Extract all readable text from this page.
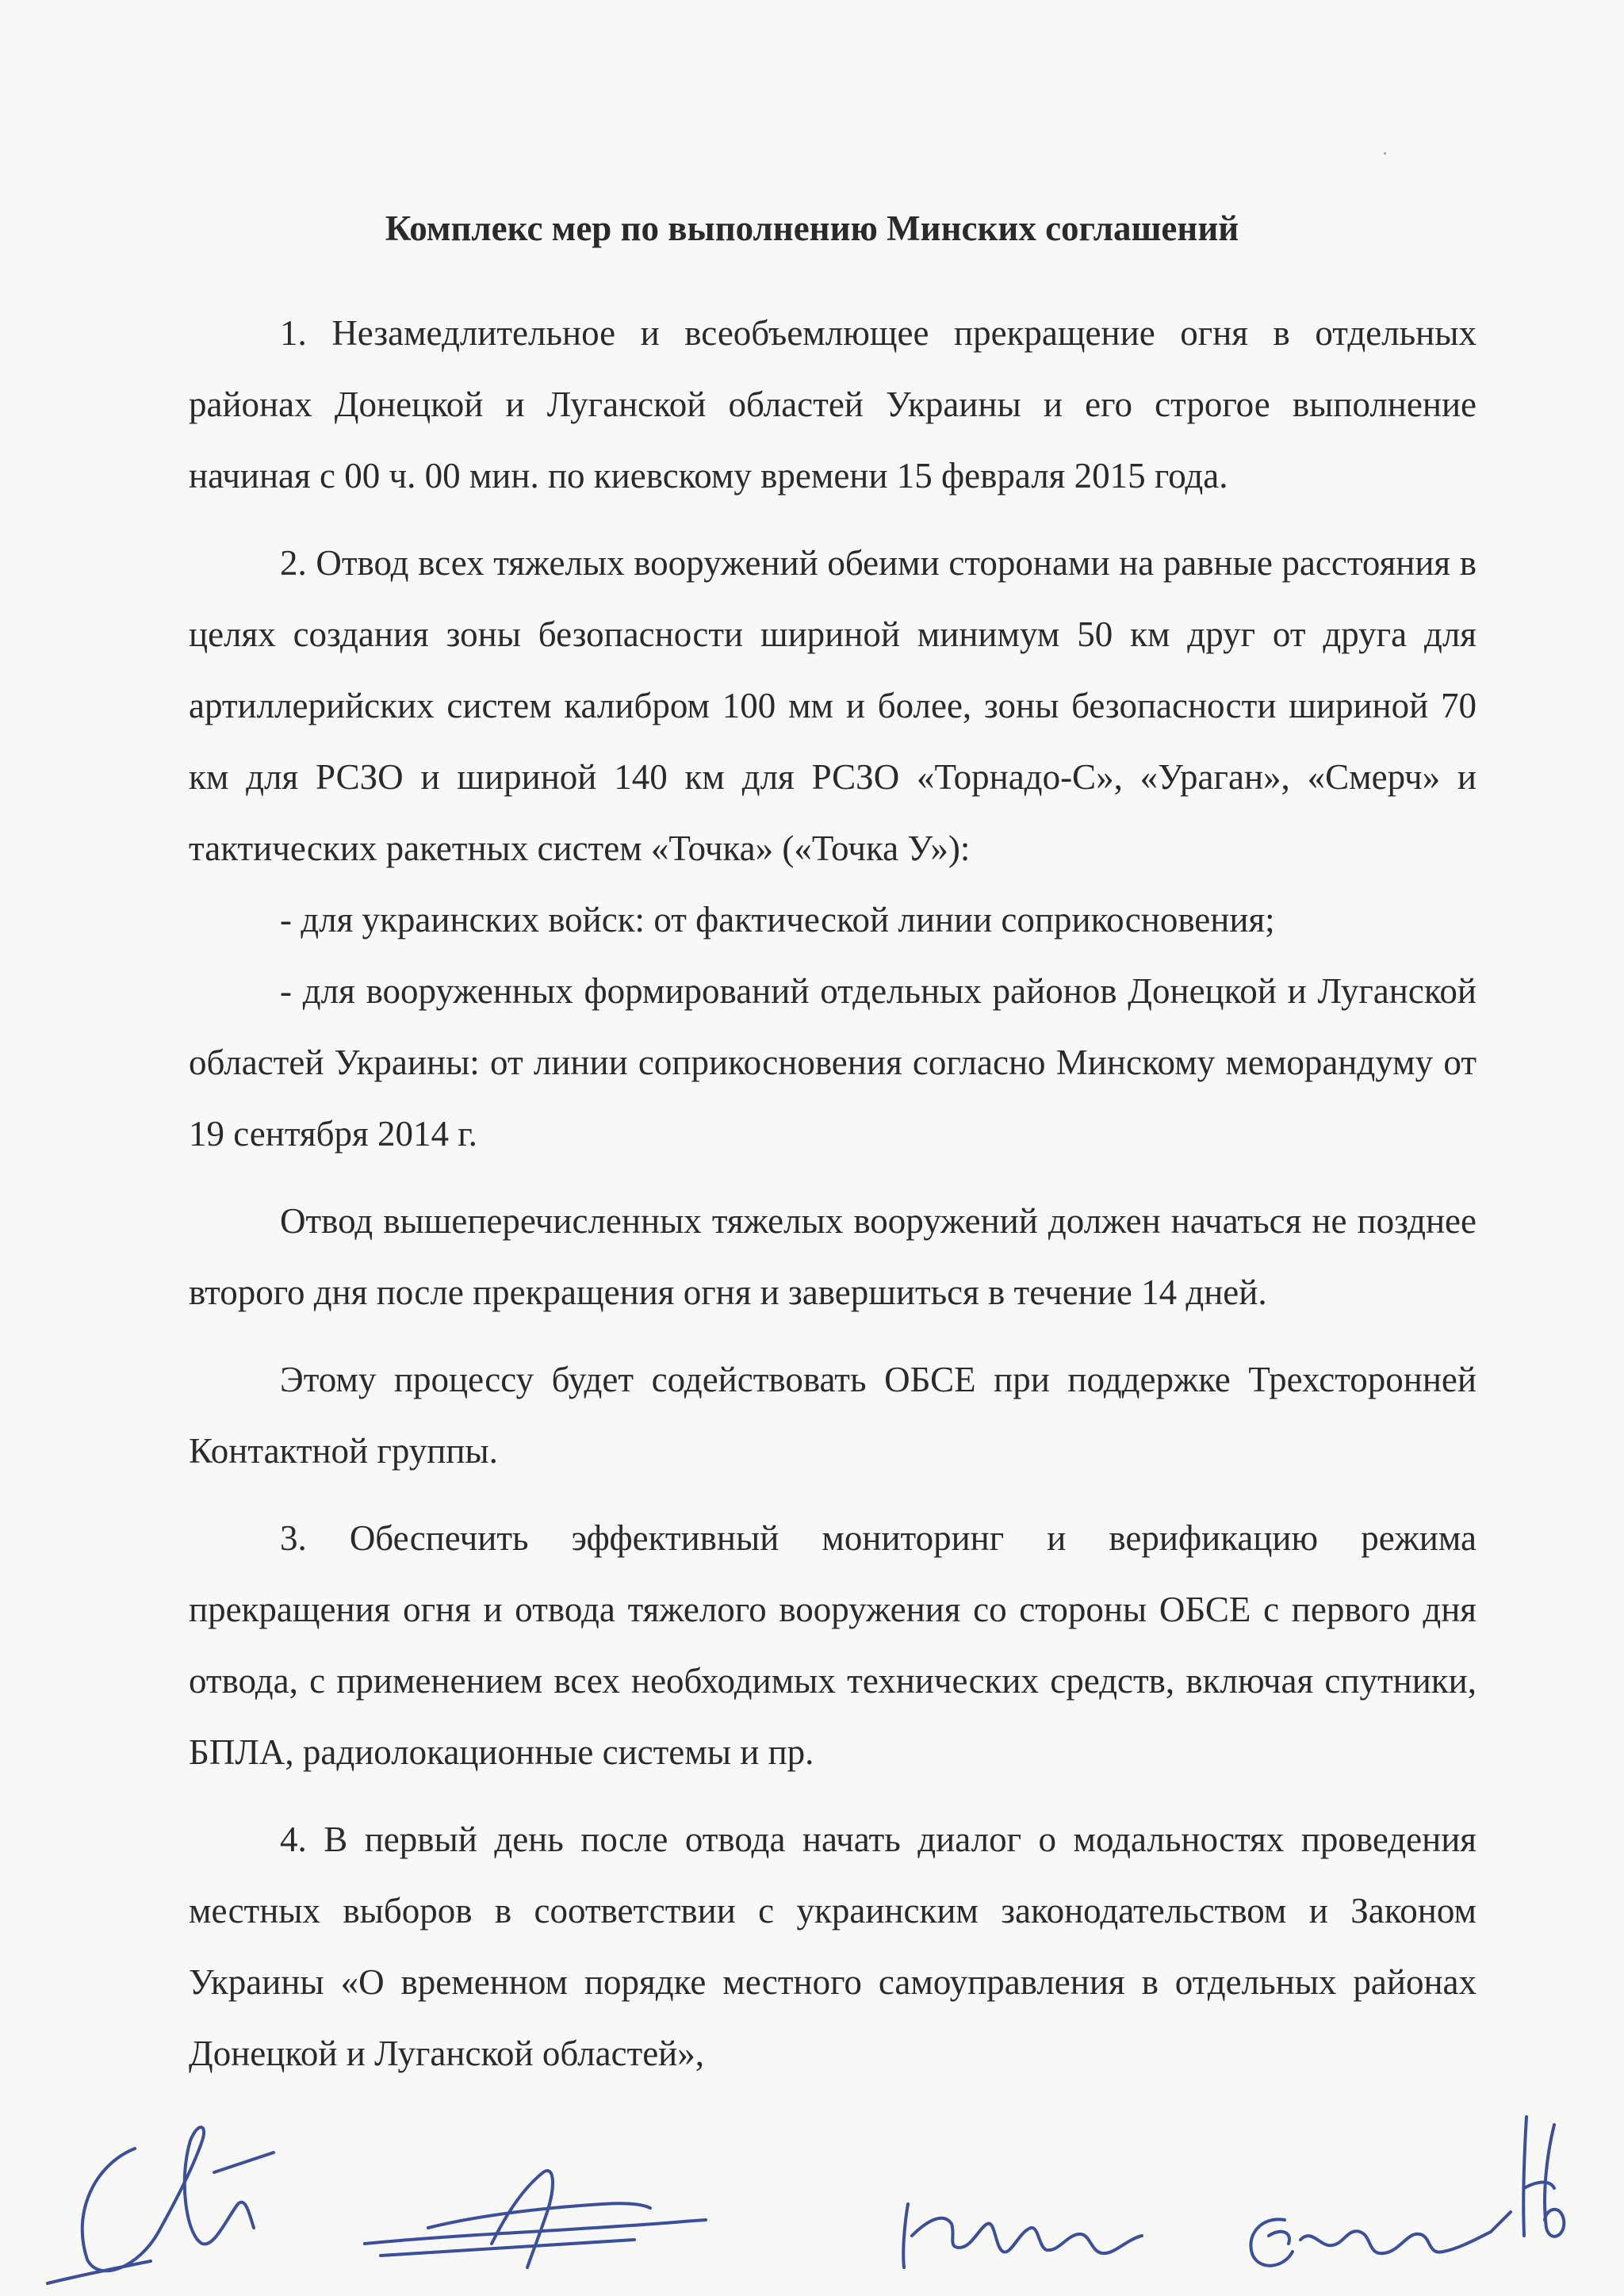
Комплекс мер по выполнению Минских соглашений

1. Незамедлительное и всеобъемлющее прекращение огня в отдельных районах Донецкой и Луганской областей Украины и его строгое выполнение начиная с 00 ч. 00 мин. по киевскому времени 15 февраля 2015 года.

2. Отвод всех тяжелых вооружений обеими сторонами на равные расстояния в целях создания зоны безопасности шириной минимум 50 км друг от друга для артиллерийских систем калибром 100 мм и более, зоны безопасности шириной 70 км для РСЗО и шириной 140 км для РСЗО «Торнадо-С», «Ураган», «Смерч» и тактических ракетных систем «Точка» («Точка У»):

- для украинских войск: от фактической линии соприкосновения;

- для вооруженных формирований отдельных районов Донецкой и Луганской областей Украины: от линии соприкосновения согласно Минскому меморандуму от 19 сентября 2014 г.

Отвод вышеперечисленных тяжелых вооружений должен начаться не позднее второго дня после прекращения огня и завершиться в течение 14 дней.

Этому процессу будет содействовать ОБСЕ при поддержке Трехсторонней Контактной группы.

3. Обеспечить эффективный мониторинг и верификацию режима прекращения огня и отвода тяжелого вооружения со стороны ОБСЕ с первого дня отвода, с применением всех необходимых технических средств, включая спутники, БПЛА, радиолокационные системы и пр.

4. В первый день после отвода начать диалог о модальностях проведения местных выборов в соответствии с украинским законодательством и Законом Украины «О временном порядке местного самоуправления в отдельных районах Донецкой и Луганской областей»,
